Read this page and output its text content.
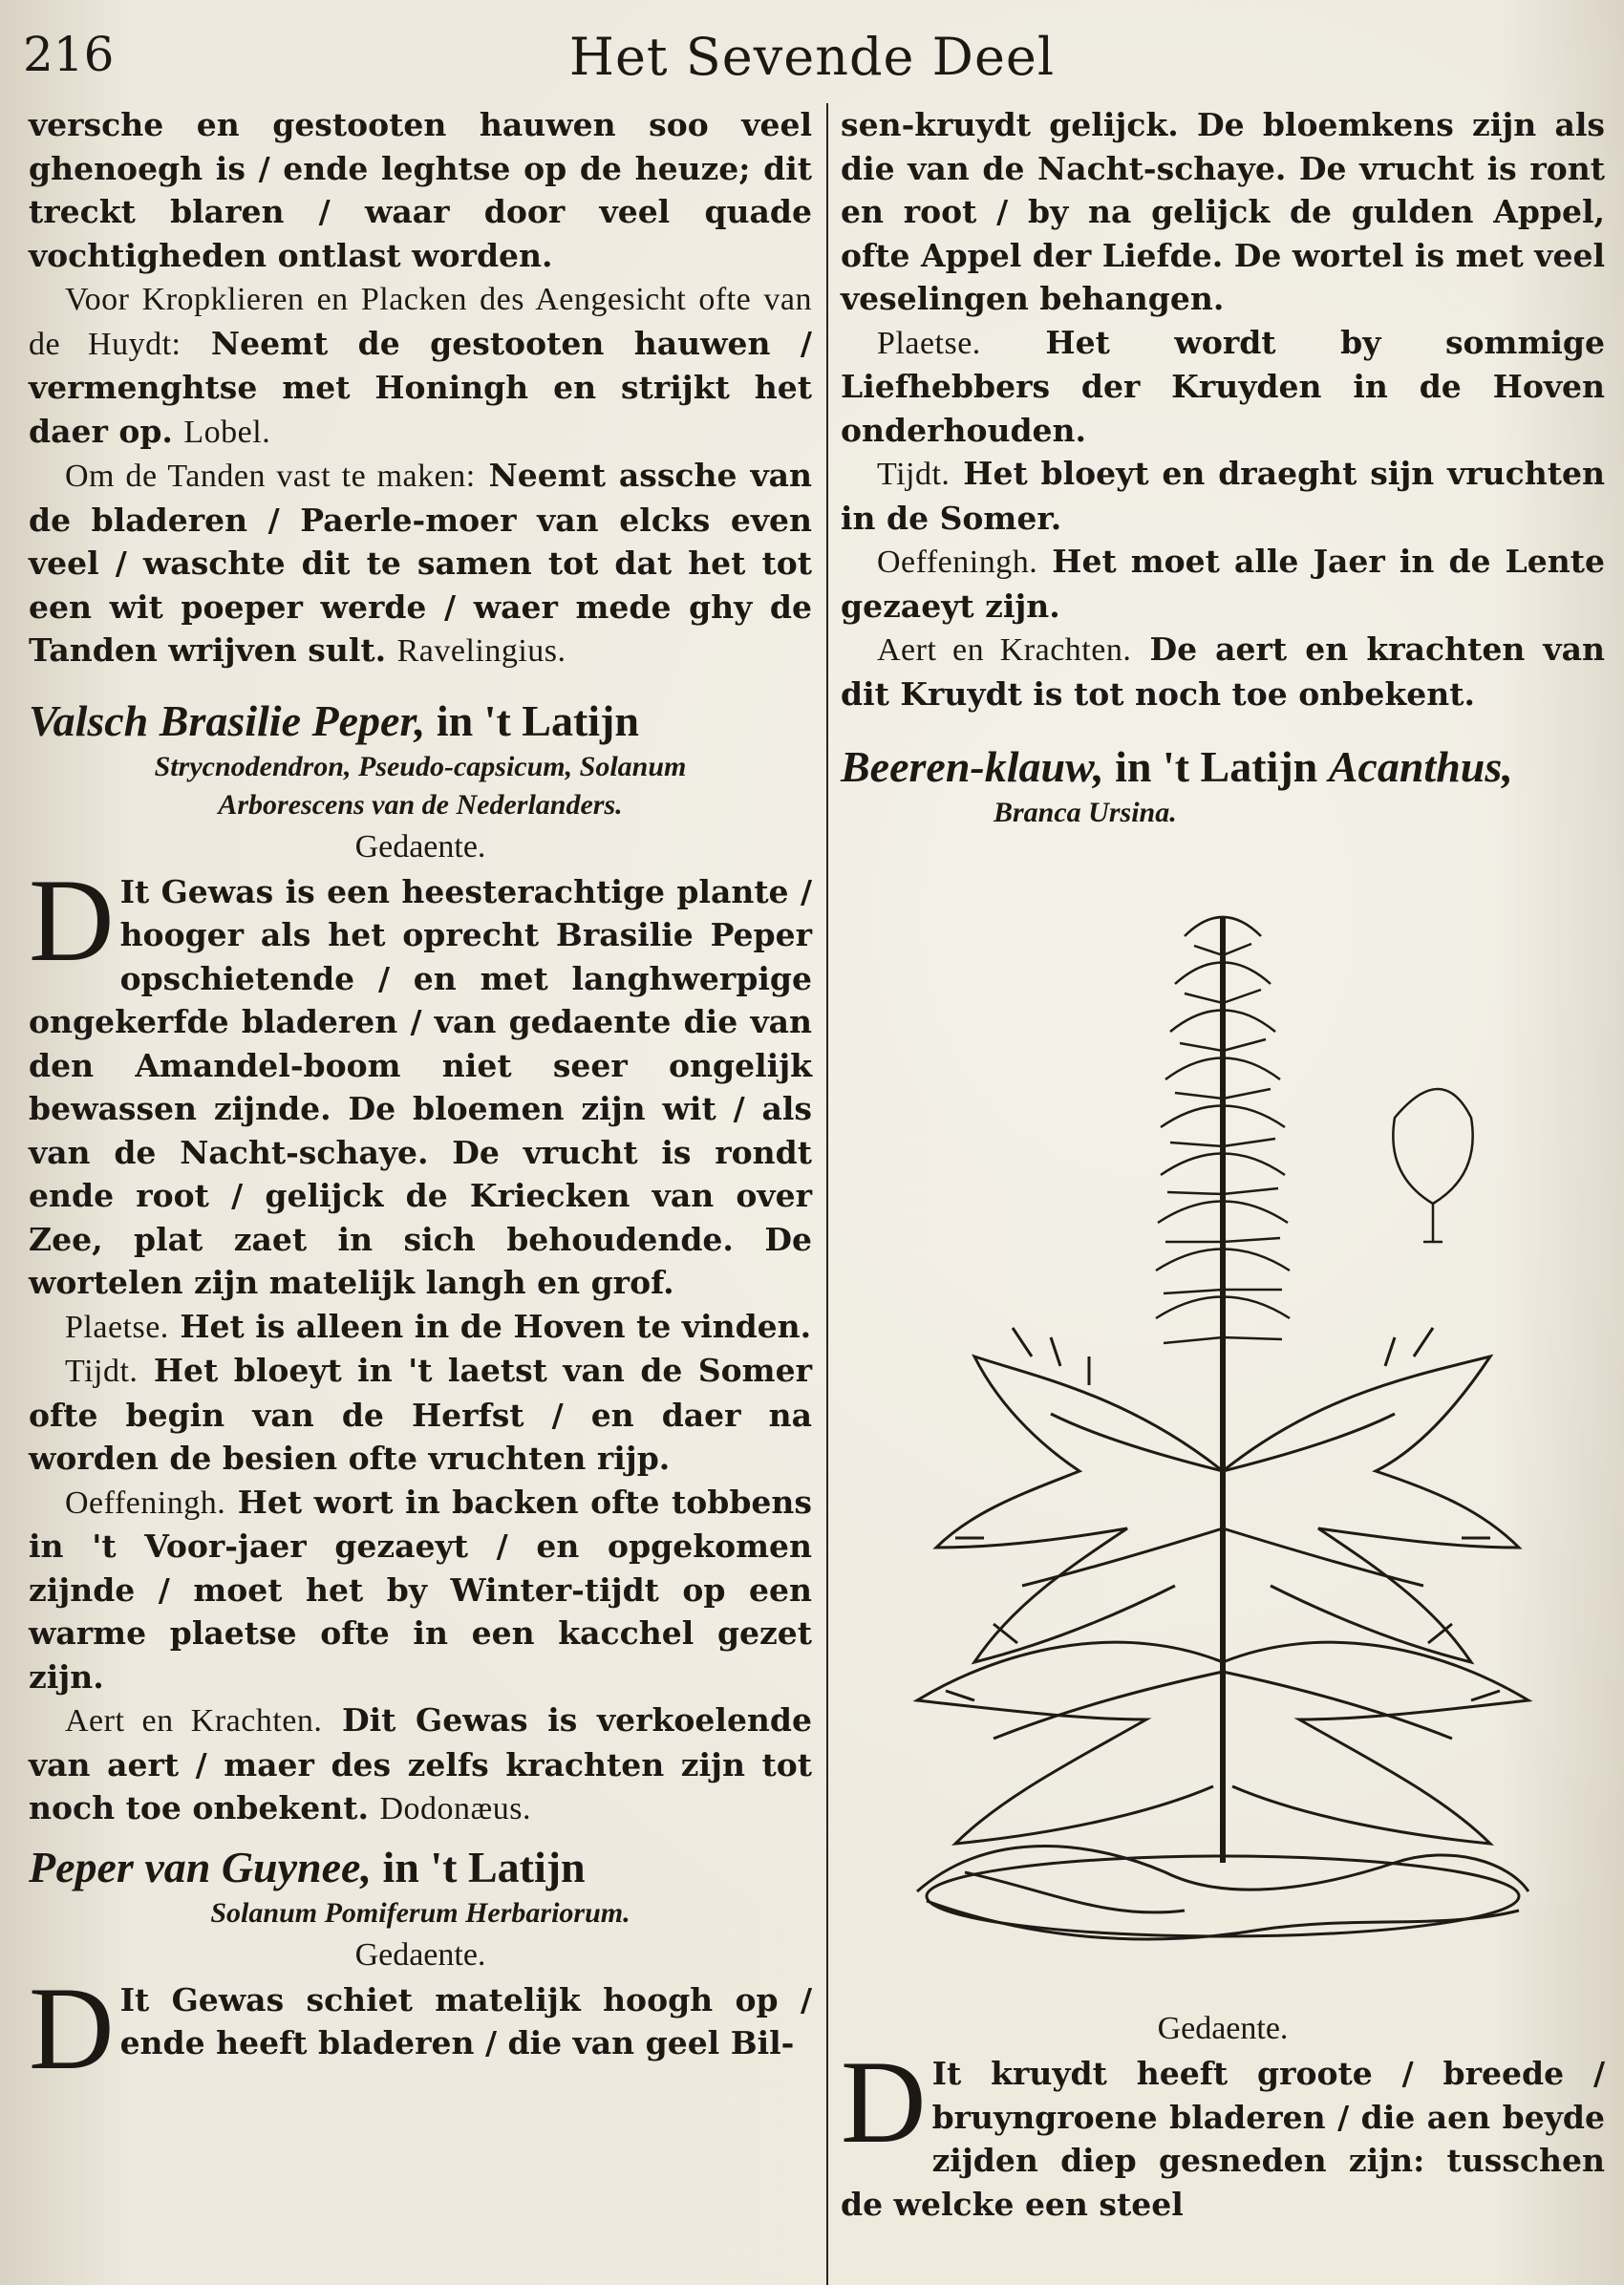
216	Het Sevende Deel

versche en gestooten hauwen soo veel ghenoegh is / ende leghtse op de heuze; dit treckt blaren / waar door veel quade vochtigheden ontlast worden.

Voor Kropklieren en Placken des Aengesicht ofte van de Huydt: Neemt de gestooten hauwen / vermenghtse met Honingh en strijkt het daer op. Lobel.

Om de Tanden vast te maken: Neemt assche van de bladeren / Paerle-moer van elcks even veel / waschte dit te samen tot dat het tot een wit poeper werde / waer mede ghy de Tanden wrijven sult. Ravelingius.

Valsch Brasilie Peper, in 't Latijn

Strycnodendron, Pseudo-capsicum, Solanum

Arborescens van de Nederlanders.

Gedaente.

D It Gewas is een heesterachtige plante / hooger als het oprecht Brasilie Peper opschietende / en met langhwerpige ongekerfde bladeren / van gedaente die van den Amandel-boom niet seer ongelijk bewassen zijnde. De bloemen zijn wit / als van de Nacht-schaye. De vrucht is rondt ende root / gelijck de Kriecken van over Zee, plat zaet in sich behoudende. De wortelen zijn matelijk langh en grof.

Plaetse. Het is alleen in de Hoven te vinden.

Tijdt. Het bloeyt in 't laetst van de Somer ofte begin van de Herfst / en daer na worden de besien ofte vruchten rijp.

Oeffeningh. Het wort in backen ofte tobbens in 't Voor-jaer gezaeyt / en opgekomen zijnde / moet het by Winter-tijdt op een warme plaetse ofte in een kacchel gezet zijn.

Aert en Krachten. Dit Gewas is verkoelende van aert / maer des zelfs krachten zijn tot noch toe onbekent. Dodonæus.

Peper van Guynee, in 't Latijn

Solanum Pomiferum Herbariorum.

Gedaente.

D It Gewas schiet matelijk hoogh op / ende heeft bladeren / die van geel Bil-

sen-kruydt gelijck. De bloemkens zijn als die van de Nacht-schaye. De vrucht is ront en root / by na gelijck de gulden Appel, ofte Appel der Liefde. De wortel is met veel veselingen behangen.

Plaetse. Het wordt by sommige Liefhebbers der Kruyden in de Hoven onderhouden.

Tijdt. Het bloeyt en draeght sijn vruchten in de Somer.

Oeffeningh. Het moet alle Jaer in de Lente gezaeyt zijn.

Aert en Krachten. De aert en krachten van dit Kruydt is tot noch toe onbekent.

Beeren-klauw, in 't Latijn Acanthus,

Branca Ursina.

Gedaente.

D It kruydt heeft groote / breede / bruyngroene bladeren / die aen beyde zijden diep gesneden zijn: tusschen de welcke een steel
